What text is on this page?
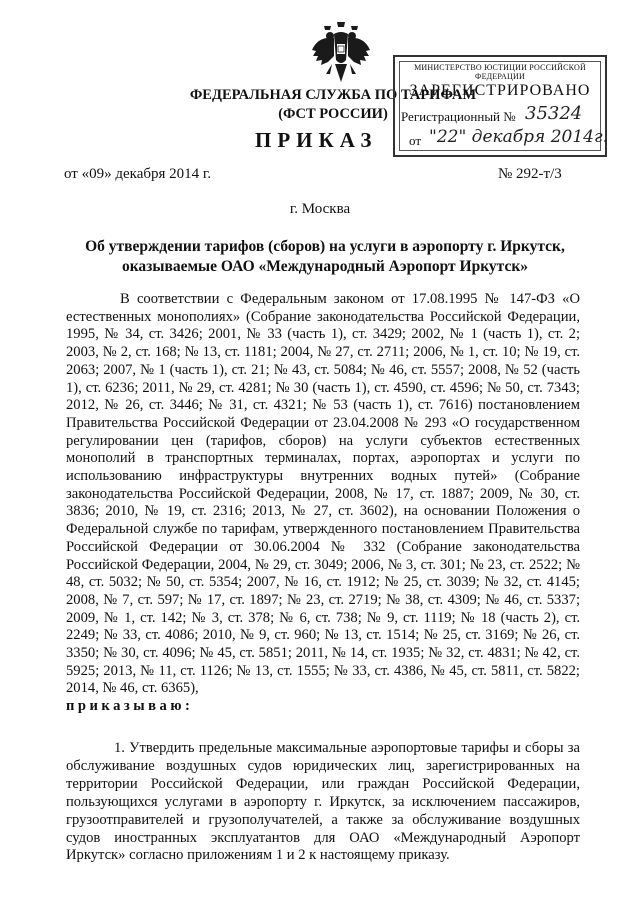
ФЕДЕРАЛЬНАЯ СЛУЖБА ПО ТАРИФАМ
(ФСТ РОССИИ)
МИНИСТЕРСТВО ЮСТИЦИИ РОССИЙСКОЙ ФЕДЕРАЦИИ
ЗАРЕГИСТРИРОВАНО
Регистрационный № 35324
от "22" декабря 2014г.
ПРИКАЗ
от «09» декабря 2014 г.	№ 292-т/3
г. Москва
Об утверждении тарифов (сборов) на услуги в аэропорту г. Иркутск,
оказываемые ОАО «Международный Аэропорт Иркутск»

В соответствии с Федеральным законом от 17.08.1995 № 147-ФЗ «О естественных монополиях» (Собрание законодательства Российской Федерации, 1995, № 34, ст. 3426; 2001, № 33 (часть 1), ст. 3429; 2002, № 1 (часть 1), ст. 2; 2003, № 2, ст. 168; № 13, ст. 1181; 2004, № 27, ст. 2711; 2006, № 1, ст. 10; № 19, ст. 2063; 2007, № 1 (часть 1), ст. 21; № 43, ст. 5084; № 46, ст. 5557; 2008, № 52 (часть 1), ст. 6236; 2011, № 29, ст. 4281; № 30 (часть 1), ст. 4590, ст. 4596; № 50, ст. 7343; 2012, № 26, ст. 3446; № 31, ст. 4321; № 53 (часть 1), ст. 7616) постановлением Правительства Российской Федерации от 23.04.2008 № 293 «О государственном регулировании цен (тарифов, сборов) на услуги субъектов естественных монополий в транспортных терминалах, портах, аэропортах и услуги по использованию инфраструктуры внутренних водных путей» (Собрание законодательства Российской Федерации, 2008, № 17, ст. 1887; 2009, № 30, ст. 3836; 2010, № 19, ст. 2316; 2013, № 27, ст. 3602), на основании Положения о Федеральной службе по тарифам, утвержденного постановлением Правительства Российской Федерации от 30.06.2004 № 332 (Собрание законодательства Российской Федерации, 2004, № 29, ст. 3049; 2006, № 3, ст. 301; № 23, ст. 2522; № 48, ст. 5032; № 50, ст. 5354; 2007, № 16, ст. 1912; № 25, ст. 3039; № 32, ст. 4145; 2008, № 7, ст. 597; № 17, ст. 1897; № 23, ст. 2719; № 38, ст. 4309; № 46, ст. 5337; 2009, № 1, ст. 142; № 3, ст. 378; № 6, ст. 738; № 9, ст. 1119; № 18 (часть 2), ст. 2249; № 33, ст. 4086; 2010, № 9, ст. 960; № 13, ст. 1514; № 25, ст. 3169; № 26, ст. 3350; № 30, ст. 4096; № 45, ст. 5851; 2011, № 14, ст. 1935; № 32, ст. 4831; № 42, ст. 5925; 2013, № 11, ст. 1126; № 13, ст. 1555; № 33, ст. 4386, № 45, ст. 5811, ст. 5822; 2014, № 46, ст. 6365),

приказываю:

1. Утвердить предельные максимальные аэропортовые тарифы и сборы за обслуживание воздушных судов юридических лиц, зарегистрированных на территории Российской Федерации, или граждан Российской Федерации, пользующихся услугами в аэропорту г. Иркутск, за исключением пассажиров, грузоотправителей и грузополучателей, а также за обслуживание воздушных судов иностранных эксплуатантов для ОАО «Международный Аэропорт Иркутск» согласно приложениям 1 и 2 к настоящему приказу.
